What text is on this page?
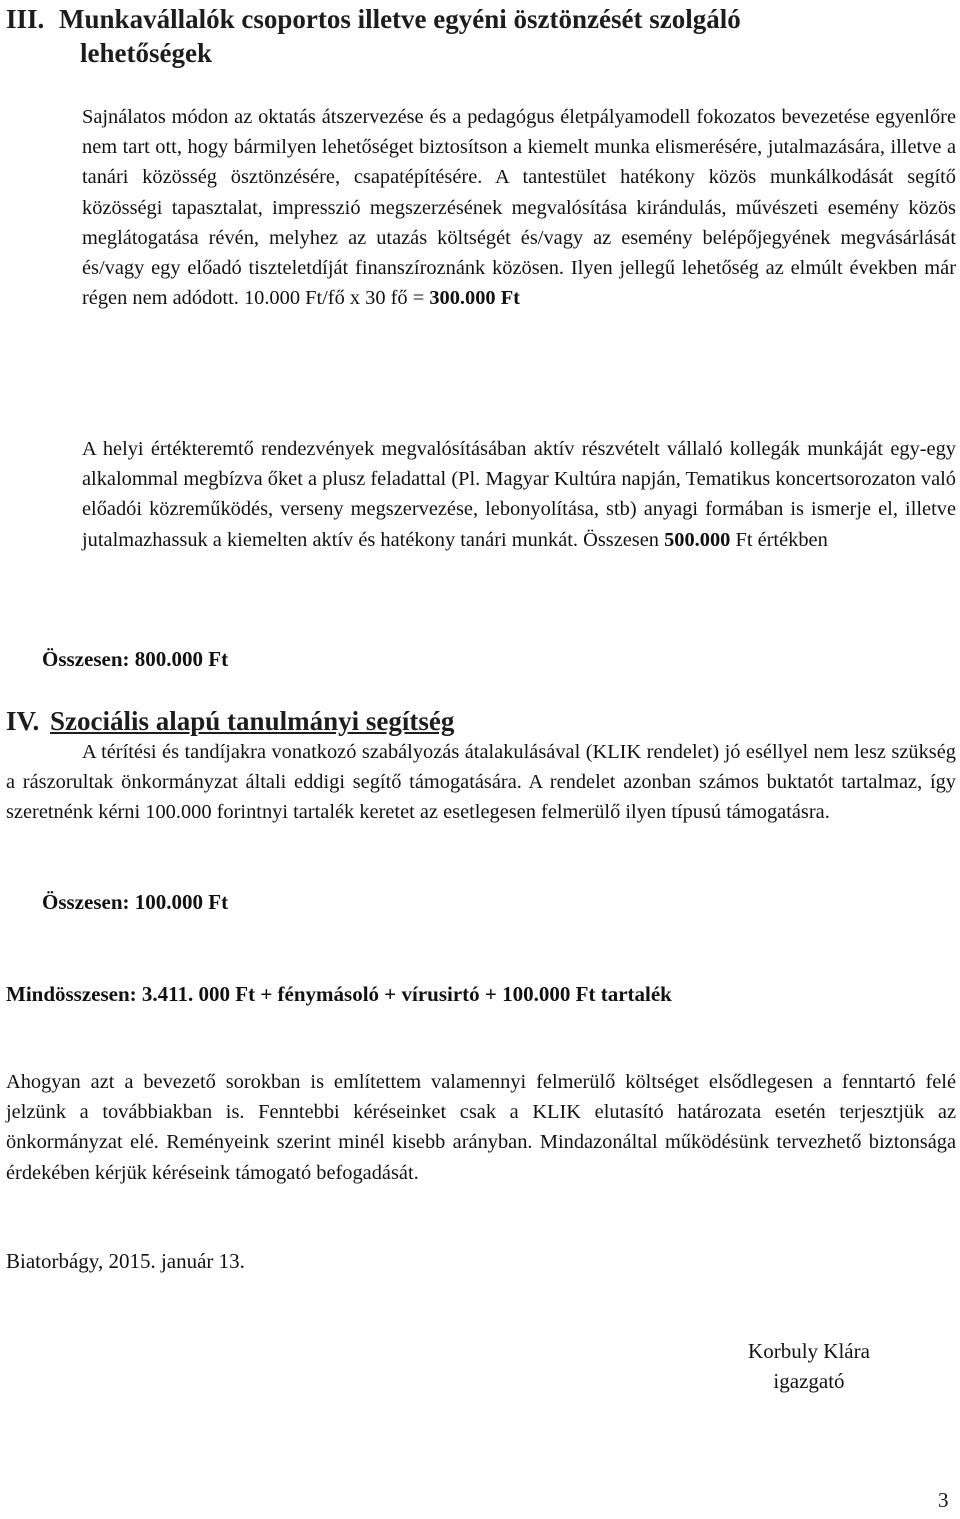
III. Munkavállalók csoportos illetve egyéni ösztönzését szolgáló
lehetőségek
Sajnálatos módon az oktatás átszervezése és a pedagógus életpályamodell fokozatos bevezetése egyenlőre nem tart ott, hogy bármilyen lehetőséget biztosítson a kiemelt munka elismerésére, jutalmazására, illetve a tanári közösség ösztönzésére, csapatépítésére. A tantestület hatékony közös munkálkodását segítő közösségi tapasztalat, impresszió megszerzésének megvalósítása kirándulás, művészeti esemény közös meglátogatása révén, melyhez az utazás költségét és/vagy az esemény belépőjegyének megvásárlását és/vagy egy előadó tiszteletdíját finanszíroznánk közösen. Ilyen jellegű lehetőség az elmúlt években már régen nem adódott. 10.000 Ft/fő x 30 fő = 300.000 Ft
A helyi értékteremtő rendezvények megvalósításában aktív részvételt vállaló kollegák munkáját egy-egy alkalommal megbízva őket a plusz feladattal (Pl. Magyar Kultúra napján, Tematikus koncertsorozaton való előadói közreműködés, verseny megszervezése, lebonyolítása, stb) anyagi formában is ismerje el, illetve jutalmazhassuk a kiemelten aktív és hatékony tanári munkát. Összesen 500.000 Ft értékben
Összesen: 800.000 Ft
IV. Szociális alapú tanulmányi segítség
A térítési és tandíjakra vonatkozó szabályozás átalakulásával (KLIK rendelet) jó eséllyel nem lesz szükség a rászorultak önkormányzat általi eddigi segítő támogatására. A rendelet azonban számos buktatót tartalmaz, így szeretnénk kérni 100.000 forintnyi tartalék keretet az esetlegesen felmerülő ilyen típusú támogatásra.
Összesen: 100.000 Ft
Mindösszesen: 3.411. 000 Ft + fénymásoló + vírusirtó + 100.000 Ft tartalék
Ahogyan azt a bevezető sorokban is említettem valamennyi felmerülő költséget elsődlegesen a fenntartó felé jelzünk a továbbiakban is. Fenntebbi kéréseinket csak a KLIK elutasító határozata esetén terjesztjük az önkormányzat elé. Reményeink szerint minél kisebb arányban. Mindazonáltal működésünk tervezhető biztonsága érdekében kérjük kéréseink támogató befogadását.
Biatorbágy, 2015. január 13.
Korbuly Klára
igazgató
3
